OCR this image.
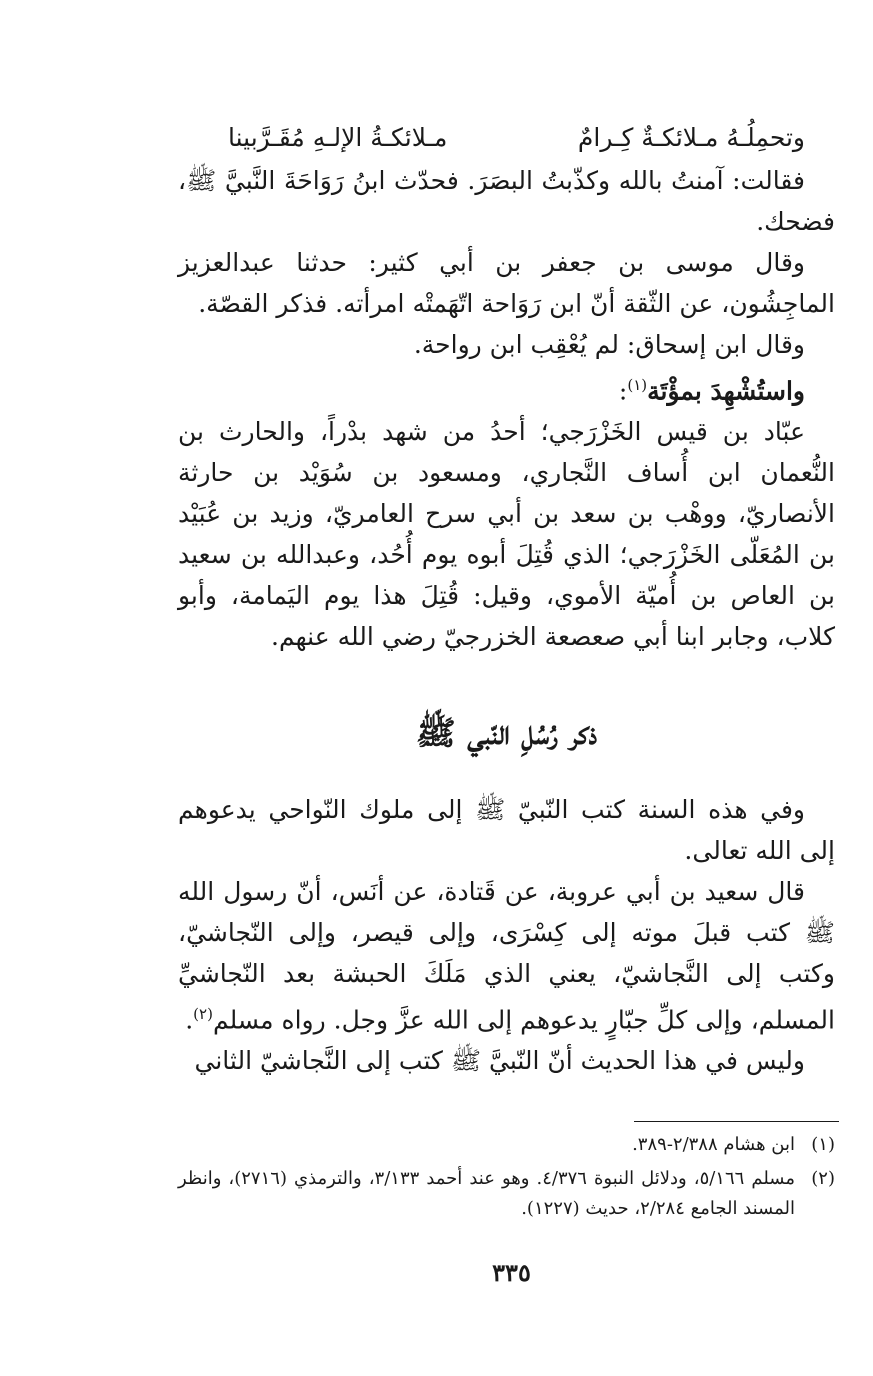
وتحمِلُـهُ مـلائكـةٌ كِـرامٌ
مـلائكـةُ الإلـهِ مُقَـرَّبينا

فقالت: آمنتُ بالله وكذّبتُ البصَرَ. فحدّث ابنُ رَوَاحَةَ النَّبيَّ ﷺ، فضحك.

وقال موسى بن جعفر بن أبي كثير: حدثنا عبدالعزيز الماجِشُون، عن الثّقة أنّ ابن رَوَاحة اتّهَمتْه امرأته. فذكر القصّة.

وقال ابن إسحاق: لم يُعْقِب ابن رواحة.

واستُشْهِدَ بمؤْتَة$^{(١)}$:

عبّاد بن قيس الخَزْرَجي؛ أحدُ من شهد بدْراً، والحارث بن النُّعمان ابن أُساف النَّجاري، ومسعود بن سُوَيْد بن حارثة الأنصاريّ، ووهْب بن سعد بن أبي سرح العامريّ، وزيد بن عُبَيْد بن المُعَلّى الخَزْرَجي؛ الذي قُتِلَ أبوه يوم أُحُد، وعبدالله بن سعيد بن العاص بن أُميّة الأموي، وقيل: قُتِلَ هذا يوم اليَمامة، وأبو كلاب، وجابر ابنا أبي صعصعة الخزرجيّ رضي الله عنهم.

ذكر رُسُلِ النّبي ﷺ

وفي هذه السنة كتب النّبيّ ﷺ إلى ملوك النّواحي يدعوهم إلى الله تعالى.

قال سعيد بن أبي عروبة، عن قَتادة، عن أنَس، أنّ رسول الله ﷺ كتب قبلَ موته إلى كِسْرَى، وإلى قيصر، وإلى النّجاشيّ، وكتب إلى النَّجاشيّ، يعني الذي مَلَكَ الحبشة بعد النّجاشيِّ المسلم، وإلى كلِّ جبّارٍ يدعوهم إلى الله عزَّ وجل. رواه مسلم$^{(٢)}$.

وليس في هذا الحديث أنّ النّبيَّ ﷺ كتب إلى النَّجاشيّ الثاني

(١)
ابن هشام ٢/٣٨٨-٣٨٩.
(٢)
مسلم ٥/١٦٦، ودلائل النبوة ٤/٣٧٦. وهو عند أحمد ٣/١٣٣، والترمذي (٢٧١٦)، وانظر المسند الجامع ٢/٢٨٤، حديث (١٢٢٧).
٣٣٥
